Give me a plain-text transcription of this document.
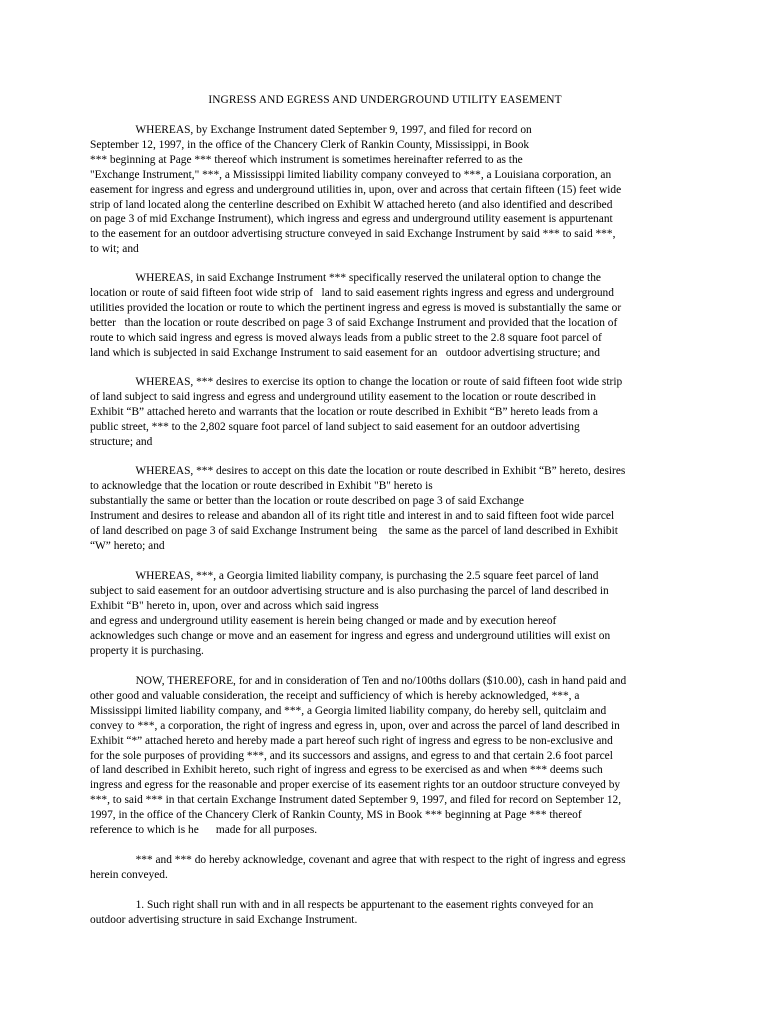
INGRESS AND EGRESS AND UNDERGROUND UTILITY EASEMENT
WHEREAS, by Exchange Instrument dated September 9, 1997, and filed for record on
September 12, 1997, in the office of the Chancery Clerk of Rankin County, Mississippi, in Book
*** beginning at Page *** thereof which instrument is sometimes hereinafter referred to as the
"Exchange Instrument," ***, a Mississippi limited liability company conveyed to ***, a Louisiana corporation, an
easement for ingress and egress and underground utilities in, upon, over and across that certain fifteen (15) feet wide
strip of land located along the centerline described on Exhibit W attached hereto (and also identified and described
on page 3 of mid Exchange Instrument), which ingress and egress and underground utility easement is appurtenant
to the easement for an outdoor advertising structure conveyed in said Exchange Instrument by said *** to said ***,
to wit; and
WHEREAS, in said Exchange Instrument *** specifically reserved the unilateral option to change the
location or route of said fifteen foot wide strip of   land to said easement rights ingress and egress and underground
utilities provided the location or route to which the pertinent ingress and egress is moved is substantially the same or
better   than the location or route described on page 3 of said Exchange Instrument and provided that the location of
route to which said ingress and egress is moved always leads from a public street to the 2.8 square foot parcel of
land which is subjected in said Exchange Instrument to said easement for an   outdoor advertising structure; and
WHEREAS, *** desires to exercise its option to change the location or route of said fifteen foot wide strip
of land subject to said ingress and egress and underground utility easement to the location or route described in
Exhibit “B” attached hereto and warrants that the location or route described in Exhibit “B” hereto leads from a
public street, *** to the 2,802 square foot parcel of land subject to said easement for an outdoor advertising
structure; and
WHEREAS, *** desires to accept on this date the location or route described in Exhibit “B” hereto, desires
to acknowledge that the location or route described in Exhibit "B" hereto is
substantially the same or better than the location or route described on page 3 of said Exchange
Instrument and desires to release and abandon all of its right title and interest in and to said fifteen foot wide parcel
of land described on page 3 of said Exchange Instrument being    the same as the parcel of land described in Exhibit
“W” hereto; and
WHEREAS, ***, a Georgia limited liability company, is purchasing the 2.5 square feet parcel of land
subject to said easement for an outdoor advertising structure and is also purchasing the parcel of land described in
Exhibit “B" hereto in, upon, over and across which said ingress
and egress and underground utility easement is herein being changed or made and by execution hereof
acknowledges such change or move and an easement for ingress and egress and underground utilities will exist on
property it is purchasing.
NOW, THEREFORE, for and in consideration of Ten and no/100ths dollars ($10.00), cash in hand paid and
other good and valuable consideration, the receipt and sufficiency of which is hereby acknowledged, ***, a
Mississippi limited liability company, and ***, a Georgia limited liability company, do hereby sell, quitclaim and
convey to ***, a corporation, the right of ingress and egress in, upon, over and across the parcel of land described in
Exhibit “*” attached hereto and hereby made a part hereof such right of ingress and egress to be non-exclusive and
for the sole purposes of providing ***, and its successors and assigns, and egress to and that certain 2.6 foot parcel
of land described in Exhibit hereto, such right of ingress and egress to be exercised as and when *** deems such
ingress and egress for the reasonable and proper exercise of its easement rights tor an outdoor structure conveyed by
***, to said *** in that certain Exchange Instrument dated September 9, 1997, and filed for record on September 12,
1997, in the office of the Chancery Clerk of Rankin County, MS in Book *** beginning at Page *** thereof
reference to which is he      made for all purposes.
*** and *** do hereby acknowledge, covenant and agree that with respect to the right of ingress and egress
herein conveyed.
1. Such right shall run with and in all respects be appurtenant to the easement rights conveyed for an
outdoor advertising structure in said Exchange Instrument.
